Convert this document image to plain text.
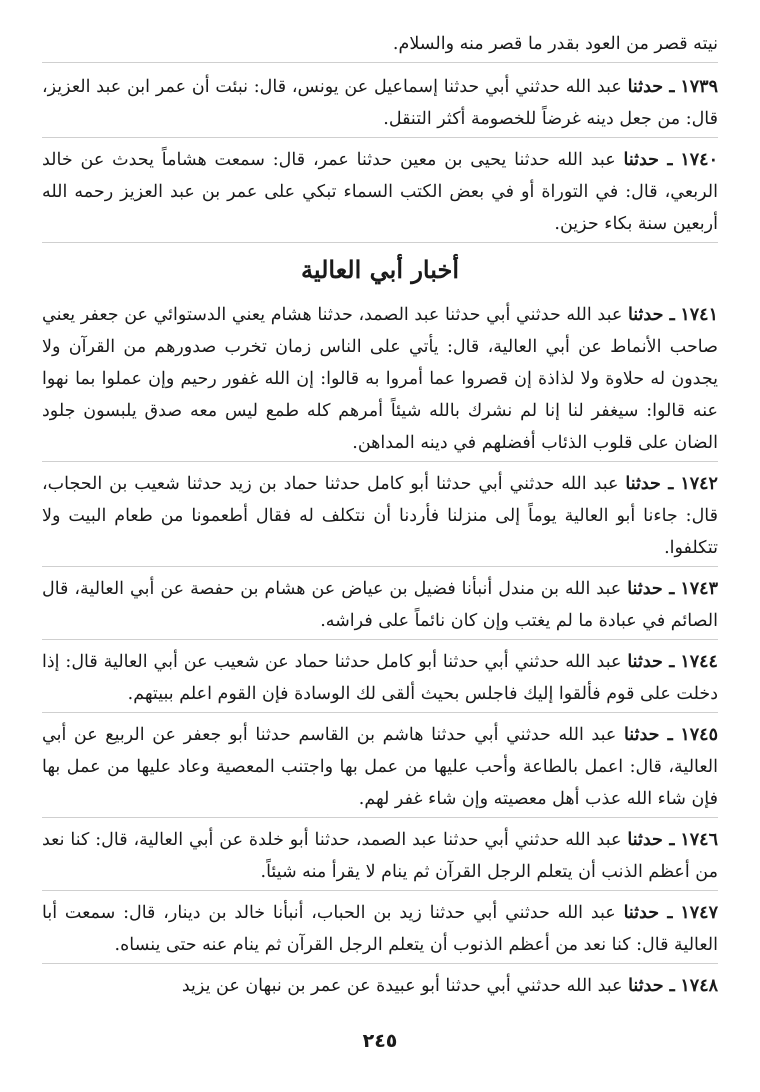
نيته قصر من العود بقدر ما قصر منه والسلام.

١٧٣٩ ـ حدثنا عبد الله حدثني أبي حدثنا إسماعيل عن يونس، قال: نبئت أن عمر ابن عبد العزيز، قال: من جعل دينه غرضاً للخصومة أكثر التنقل.

١٧٤٠ ـ حدثنا عبد الله حدثنا يحيى بن معين حدثنا عمر، قال: سمعت هشاماً يحدث عن خالد الربعي، قال: في التوراة أو في بعض الكتب السماء تبكي على عمر بن عبد العزيز رحمه الله أربعين سنة بكاء حزين.

أخبار أبي العالية

١٧٤١ ـ حدثنا عبد الله حدثني أبي حدثنا عبد الصمد، حدثنا هشام يعني الدستوائي عن جعفر يعني صاحب الأنماط عن أبي العالية، قال: يأتي على الناس زمان تخرب صدورهم من القرآن ولا يجدون له حلاوة ولا لذاذة إن قصروا عما أمروا به قالوا: إن الله غفور رحيم وإن عملوا بما نهوا عنه قالوا: سيغفر لنا إنا لم نشرك بالله شيئاً أمرهم كله طمع ليس معه صدق يلبسون جلود الضان على قلوب الذئاب أفضلهم في دينه المداهن.

١٧٤٢ ـ حدثنا عبد الله حدثني أبي حدثنا أبو كامل حدثنا حماد بن زيد حدثنا شعيب بن الحجاب، قال: جاءنا أبو العالية يوماً إلى منزلنا فأردنا أن نتكلف له فقال أطعمونا من طعام البيت ولا تتكلفوا.

١٧٤٣ ـ حدثنا عبد الله بن مندل أنبأنا فضيل بن عياض عن هشام بن حفصة عن أبي العالية، قال الصائم في عبادة ما لم يغتب وإن كان نائماً على فراشه.

١٧٤٤ ـ حدثنا عبد الله حدثني أبي حدثنا أبو كامل حدثنا حماد عن شعيب عن أبي العالية قال: إذا دخلت على قوم فألقوا إليك فاجلس بحيث ألقى لك الوسادة فإن القوم اعلم ببيتهم.

١٧٤٥ ـ حدثنا عبد الله حدثني أبي حدثنا هاشم بن القاسم حدثنا أبو جعفر عن الربيع عن أبي العالية، قال: اعمل بالطاعة وأحب عليها من عمل بها واجتنب المعصية وعاد عليها من عمل بها فإن شاء الله عذب أهل معصيته وإن شاء غفر لهم.

١٧٤٦ ـ حدثنا عبد الله حدثني أبي حدثنا عبد الصمد، حدثنا أبو خلدة عن أبي العالية، قال: كنا نعد من أعظم الذنب أن يتعلم الرجل القرآن ثم ينام لا يقرأ منه شيئاً.

١٧٤٧ ـ حدثنا عبد الله حدثني أبي حدثنا زيد بن الحباب، أنبأنا خالد بن دينار، قال: سمعت أبا العالية قال: كنا نعد من أعظم الذنوب أن يتعلم الرجل القرآن ثم ينام عنه حتى ينساه.

١٧٤٨ ـ حدثنا عبد الله حدثني أبي حدثنا أبو عبيدة عن عمر بن نبهان عن يزيد

٢٤٥
